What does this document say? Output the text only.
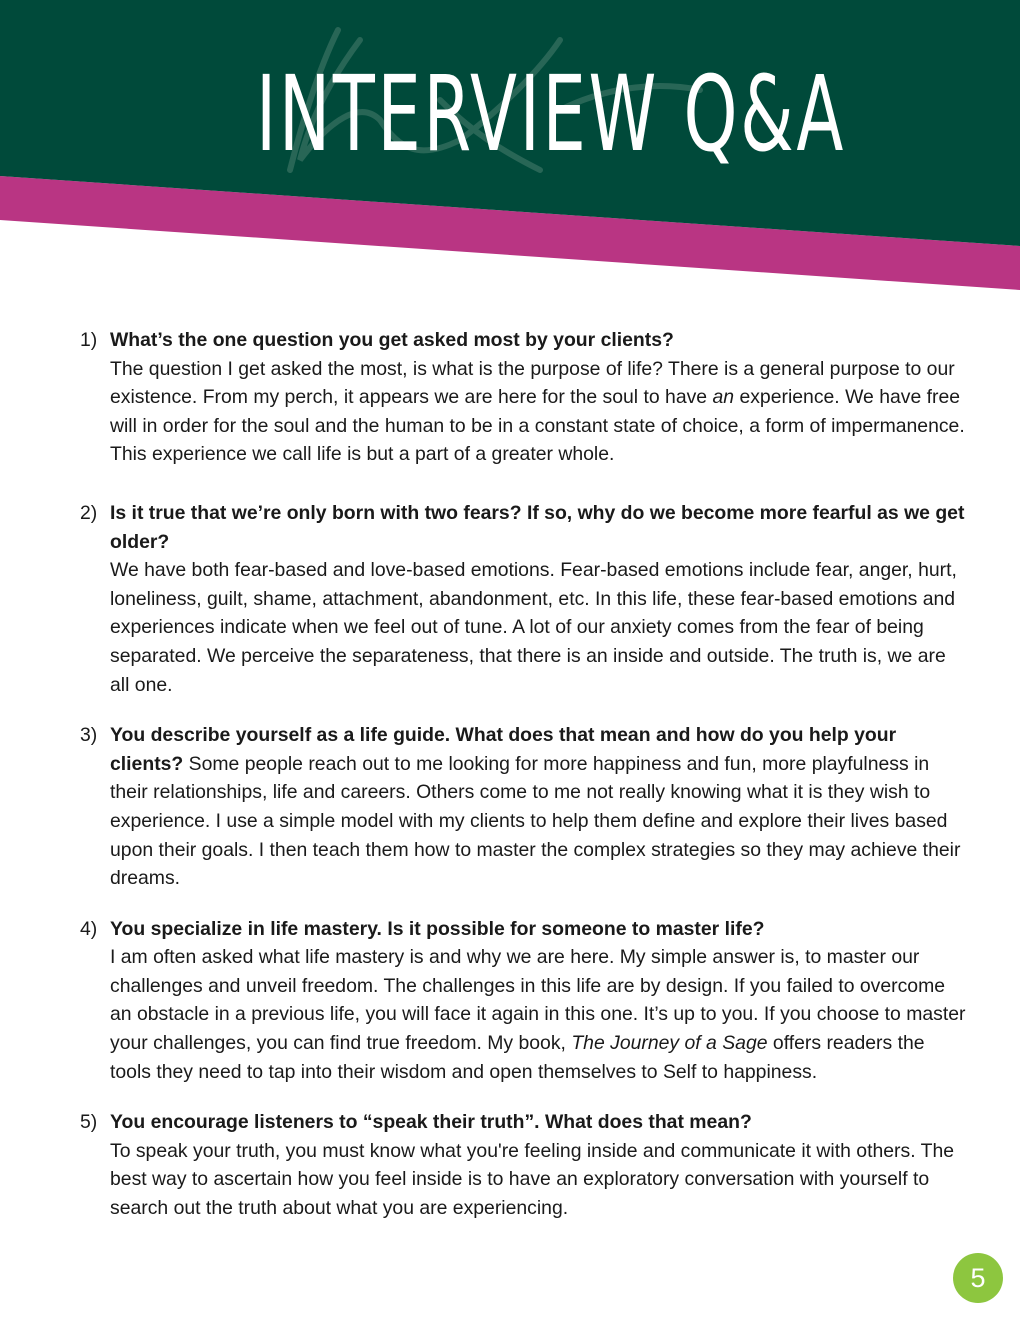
INTERVIEW Q&A
1) What’s the one question you get asked most by your clients?
The question I get asked the most, is what is the purpose of life? There is a general purpose to our existence. From my perch, it appears we are here for the soul to have an experience. We have free will in order for the soul and the human to be in a constant state of choice, a form of impermanence. This experience we call life is but a part of a greater whole.
2) Is it true that we’re only born with two fears? If so, why do we become more fearful as we get older?
We have both fear-based and love-based emotions. Fear-based emotions include fear, anger, hurt, loneliness, guilt, shame, attachment, abandonment, etc. In this life, these fear-based emotions and experiences indicate when we feel out of tune. A lot of our anxiety comes from the fear of being separated. We perceive the separateness, that there is an inside and outside. The truth is, we are all one.
3) You describe yourself as a life guide. What does that mean and how do you help your clients? Some people reach out to me looking for more happiness and fun, more playfulness in their relationships, life and careers. Others come to me not really knowing what it is they wish to experience. I use a simple model with my clients to help them define and explore their lives based upon their goals. I then teach them how to master the complex strategies so they may achieve their dreams.
4) You specialize in life mastery. Is it possible for someone to master life?
I am often asked what life mastery is and why we are here. My simple answer is, to master our challenges and unveil freedom. The challenges in this life are by design. If you failed to overcome an obstacle in a previous life, you will face it again in this one. It’s up to you. If you choose to master your challenges, you can find true freedom. My book, The Journey of a Sage offers readers the tools they need to tap into their wisdom and open themselves to Self to happiness.
5) You encourage listeners to “speak their truth”. What does that mean?
To speak your truth, you must know what you're feeling inside and communicate it with others. The best way to ascertain how you feel inside is to have an exploratory conversation with yourself to search out the truth about what you are experiencing.
5
